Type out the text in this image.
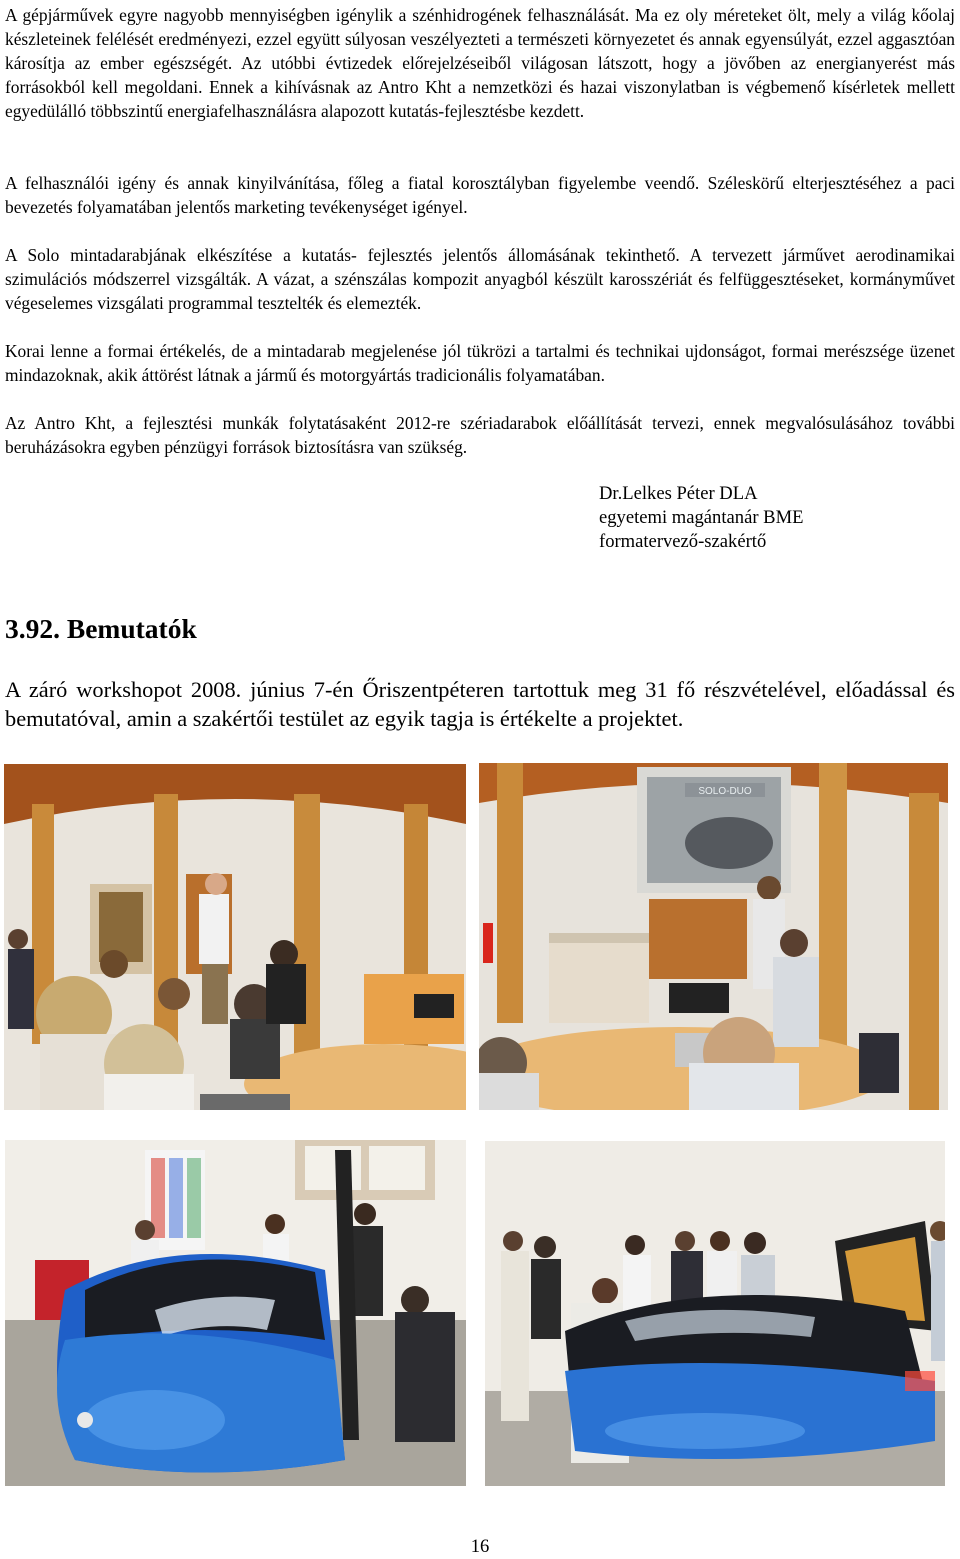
A gépjárművek egyre nagyobb mennyiségben igénylik a szénhidrogének felhasználását. Ma ez oly méreteket ölt, mely a világ kőolaj készleteinek felélését eredményezi, ezzel együtt súlyosan veszélyezteti a természeti környezetet és annak egyensúlyát, ezzel aggasztóan károsítja az ember egészségét. Az utóbbi évtizedek előrejelzéseiből világosan látszott, hogy a jövőben az energianyerést más forrásokból kell megoldani. Ennek a kihívásnak az Antro Kht a nemzetközi és hazai viszonylatban is végbemenő kísérletek mellett egyedülálló többszintű energiafelhasználásra alapozott kutatás-fejlesztésbe kezdett.

A felhasználói igény és annak kinyilvánítása, főleg a fiatal korosztályban figyelembe veendő. Széleskörű elterjesztéséhez a paci bevezetés folyamatában jelentős marketing tevékenységet igényel.

A Solo mintadarabjának elkészítése a kutatás- fejlesztés jelentős állomásának tekinthető. A tervezett járművet aerodinamikai szimulációs módszerrel vizsgálták. A vázat, a szénszálas kompozit anyagból készült karosszériát és felfüggesztéseket, kormányművet végeselemes vizsgálati programmal tesztelték és elemezték.

Korai lenne a formai értékelés, de a mintadarab megjelenése jól tükrözi a tartalmi és technikai ujdonságot, formai merészsége üzenet mindazoknak, akik áttörést látnak a jármű és motorgyártás tradicionális folyamatában.

Az Antro Kht, a fejlesztési munkák folytatásaként 2012-re szériadarabok előállítását tervezi, ennek megvalósulásához további beruházásokra egyben pénzügyi források biztosításra van szükség.

Dr.Lelkes Péter DLA
egyetemi magántanár BME
formatervező-szakértő
3.92. Bemutatók

A záró workshopot 2008. június 7-én Őriszentpéteren tartottuk meg 31 fő részvételével, előadással és bemutatóval, amin a szakértői testület az egyik tagja is értékelte a projektet.

SOLO-DUO
16
